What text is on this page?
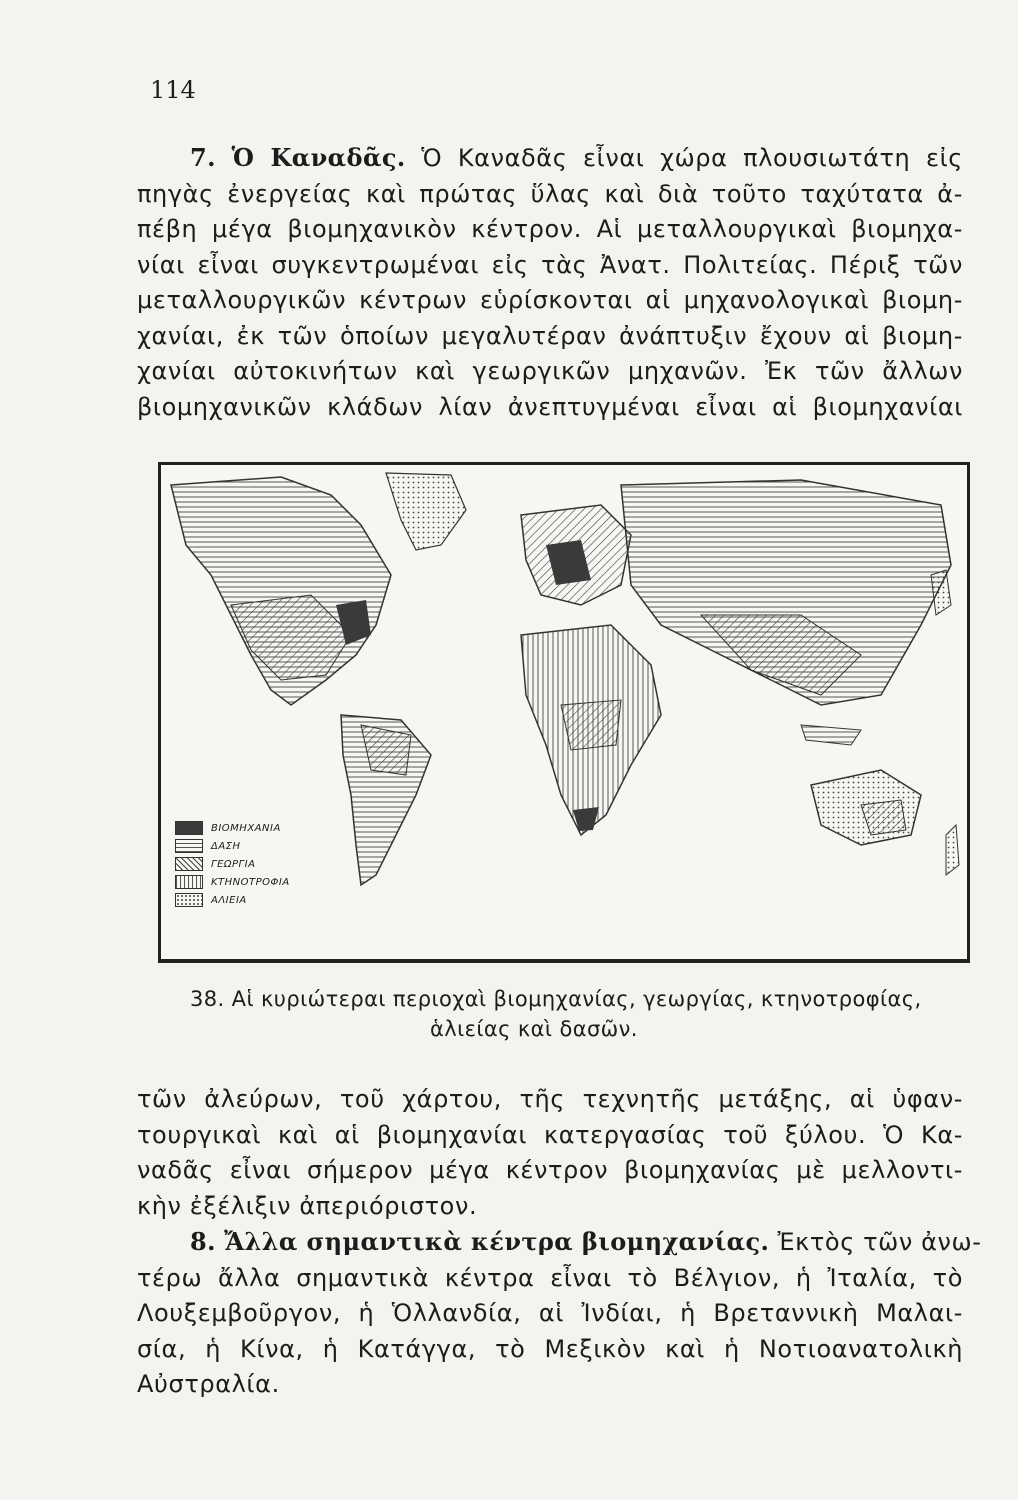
114
7. Ὁ Καναδᾶς. Ὁ Καναδᾶς εἶναι χώρα πλουσιωτάτη εἰς
πηγὰς ἐνεργείας καὶ πρώτας ὕλας καὶ διὰ τοῦτο ταχύτατα ἀ-
πέβη μέγα βιομηχανικὸν κέντρον. Αἱ μεταλλουργικαὶ βιομηχα-
νίαι εἶναι συγκεντρωμέναι εἰς τὰς Ἀνατ. Πολιτείας. Πέριξ τῶν
μεταλλουργικῶν κέντρων εὑρίσκονται αἱ μηχανολογικαὶ βιομη-
χανίαι, ἐκ τῶν ὁποίων μεγαλυτέραν ἀνάπτυξιν ἔχουν αἱ βιομη-
χανίαι αὐτοκινήτων καὶ γεωργικῶν μηχανῶν. Ἐκ τῶν ἄλλων
βιομηχανικῶν κλάδων λίαν ἀνεπτυγμέναι εἶναι αἱ βιομηχανίαι
ΒΙΟΜΗΧΑΝΙΑ
ΔΑΣΗ
ΓΕΩΡΓΙΑ
ΚΤΗΝΟΤΡΟΦΙΑ
ΑΛΙΕΙΑ
38. Αἱ κυριώτεραι περιοχαὶ βιομηχανίας, γεωργίας, κτηνοτροφίας,
ἁλιείας καὶ δασῶν.
τῶν ἀλεύρων, τοῦ χάρτου, τῆς τεχνητῆς μετάξης, αἱ ὑφαν-
τουργικαὶ καὶ αἱ βιομηχανίαι κατεργασίας τοῦ ξύλου. Ὁ Κα-
ναδᾶς εἶναι σήμερον μέγα κέντρον βιομηχανίας μὲ μελλοντι-
κὴν ἐξέλιξιν ἀπεριόριστον.
8. Ἄλλα σημαντικὰ κέντρα βιομηχανίας. Ἐκτὸς τῶν ἀνω-
τέρω ἄλλα σημαντικὰ κέντρα εἶναι τὸ Βέλγιον, ἡ Ἰταλία, τὸ
Λουξεμβοῦργον, ἡ Ὁλλανδία, αἱ Ἰνδίαι, ἡ Βρεταννικὴ Μαλαι-
σία, ἡ Κίνα, ἡ Κατάγγα, τὸ Μεξικὸν καὶ ἡ Νοτιοανατολικὴ
Αὐστραλία.
